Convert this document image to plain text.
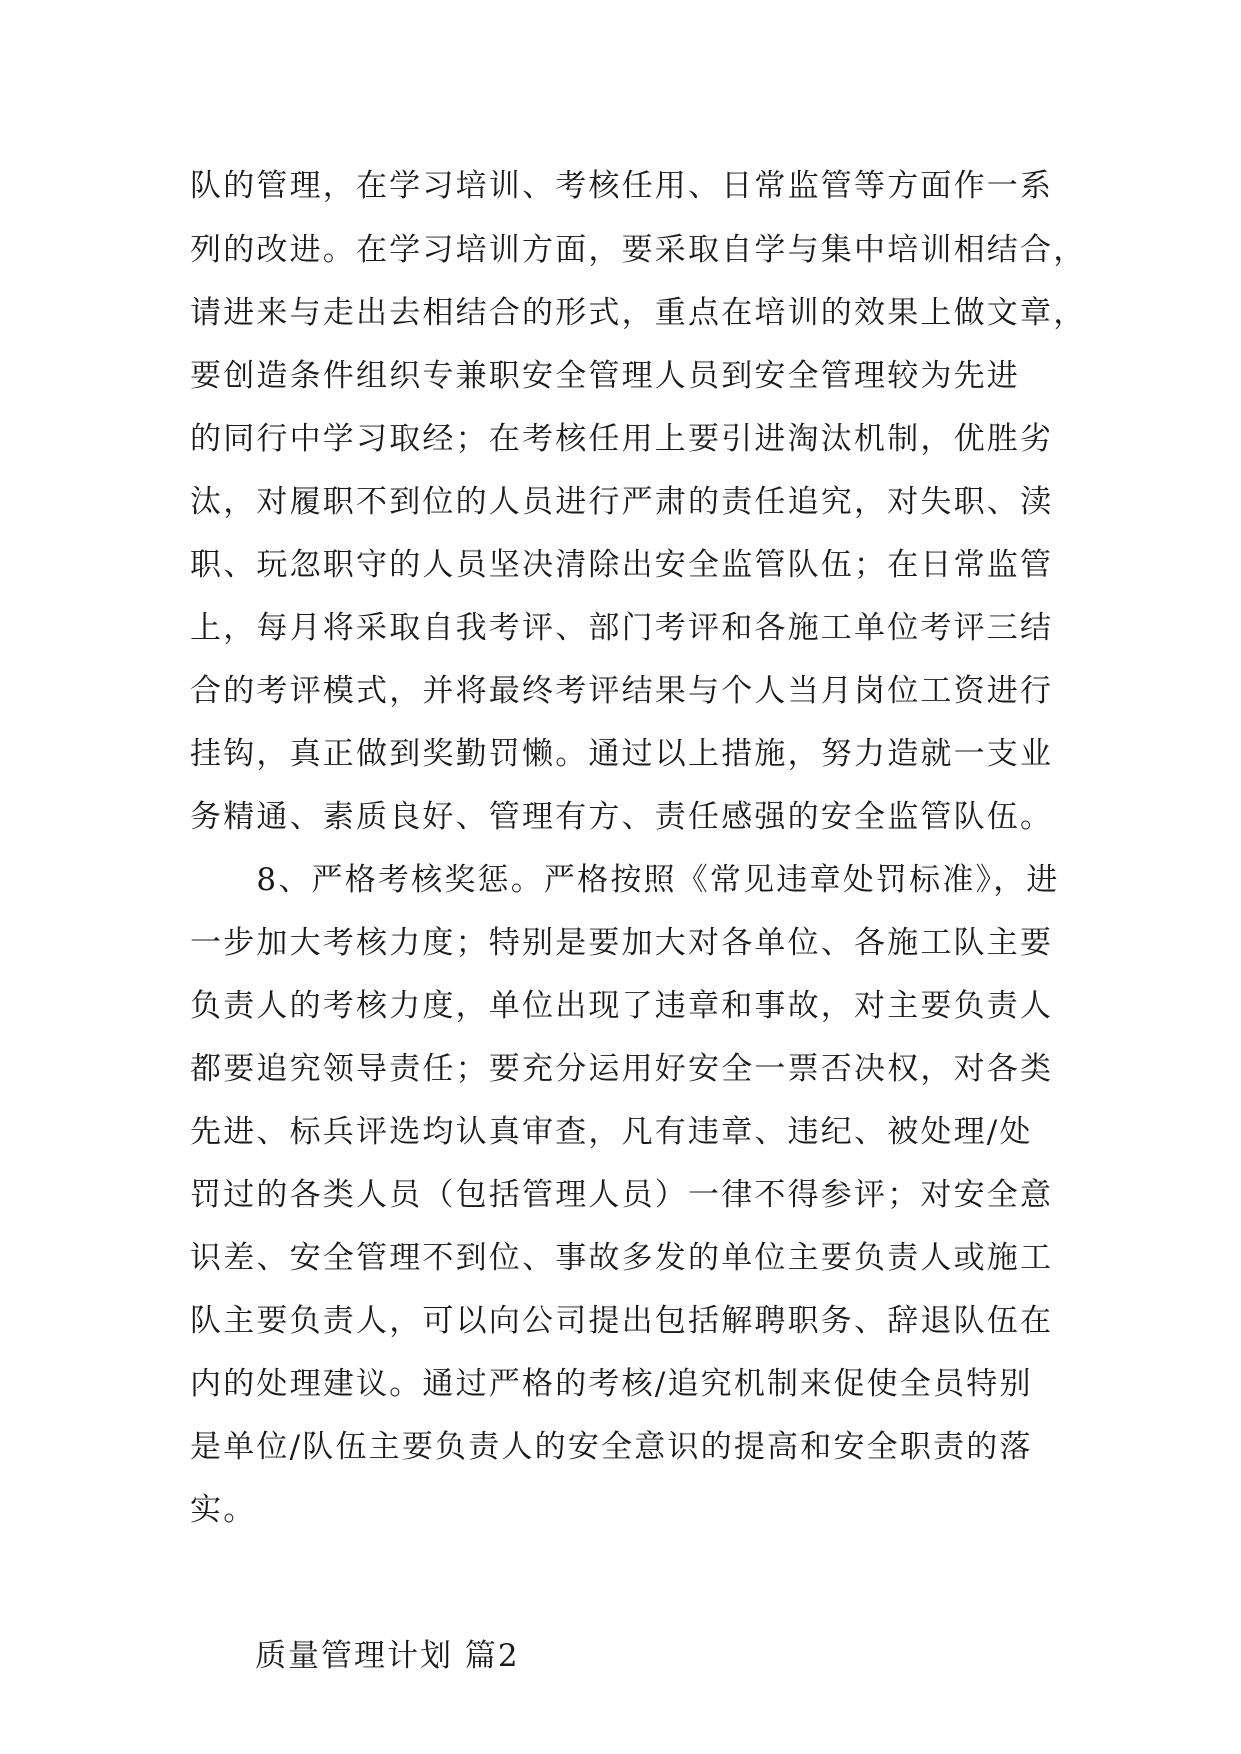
队的管理，在学习培训、考核任用、日常监管等方面作一系
列的改进。在学习培训方面，要采取自学与集中培训相结合，
请进来与走出去相结合的形式，重点在培训的效果上做文章，
要创造条件组织专兼职安全管理人员到安全管理较为先进
的同行中学习取经；在考核任用上要引进淘汰机制，优胜劣
汰，对履职不到位的人员进行严肃的责任追究，对失职、渎
职、玩忽职守的人员坚决清除出安全监管队伍；在日常监管
上，每月将采取自我考评、部门考评和各施工单位考评三结
合的考评模式，并将最终考评结果与个人当月岗位工资进行
挂钩，真正做到奖勤罚懒。通过以上措施，努力造就一支业
务精通、素质良好、管理有方、责任感强的安全监管队伍。
　　8、严格考核奖惩。严格按照《常见违章处罚标准》，进
一步加大考核力度；特别是要加大对各单位、各施工队主要
负责人的考核力度，单位出现了违章和事故，对主要负责人
都要追究领导责任；要充分运用好安全一票否决权，对各类
先进、标兵评选均认真审查，凡有违章、违纪、被处理/处
罚过的各类人员（包括管理人员）一律不得参评；对安全意
识差、安全管理不到位、事故多发的单位主要负责人或施工
队主要负责人，可以向公司提出包括解聘职务、辞退队伍在
内的处理建议。通过严格的考核/追究机制来促使全员特别
是单位/队伍主要负责人的安全意识的提高和安全职责的落
实。
质量管理计划 篇2
